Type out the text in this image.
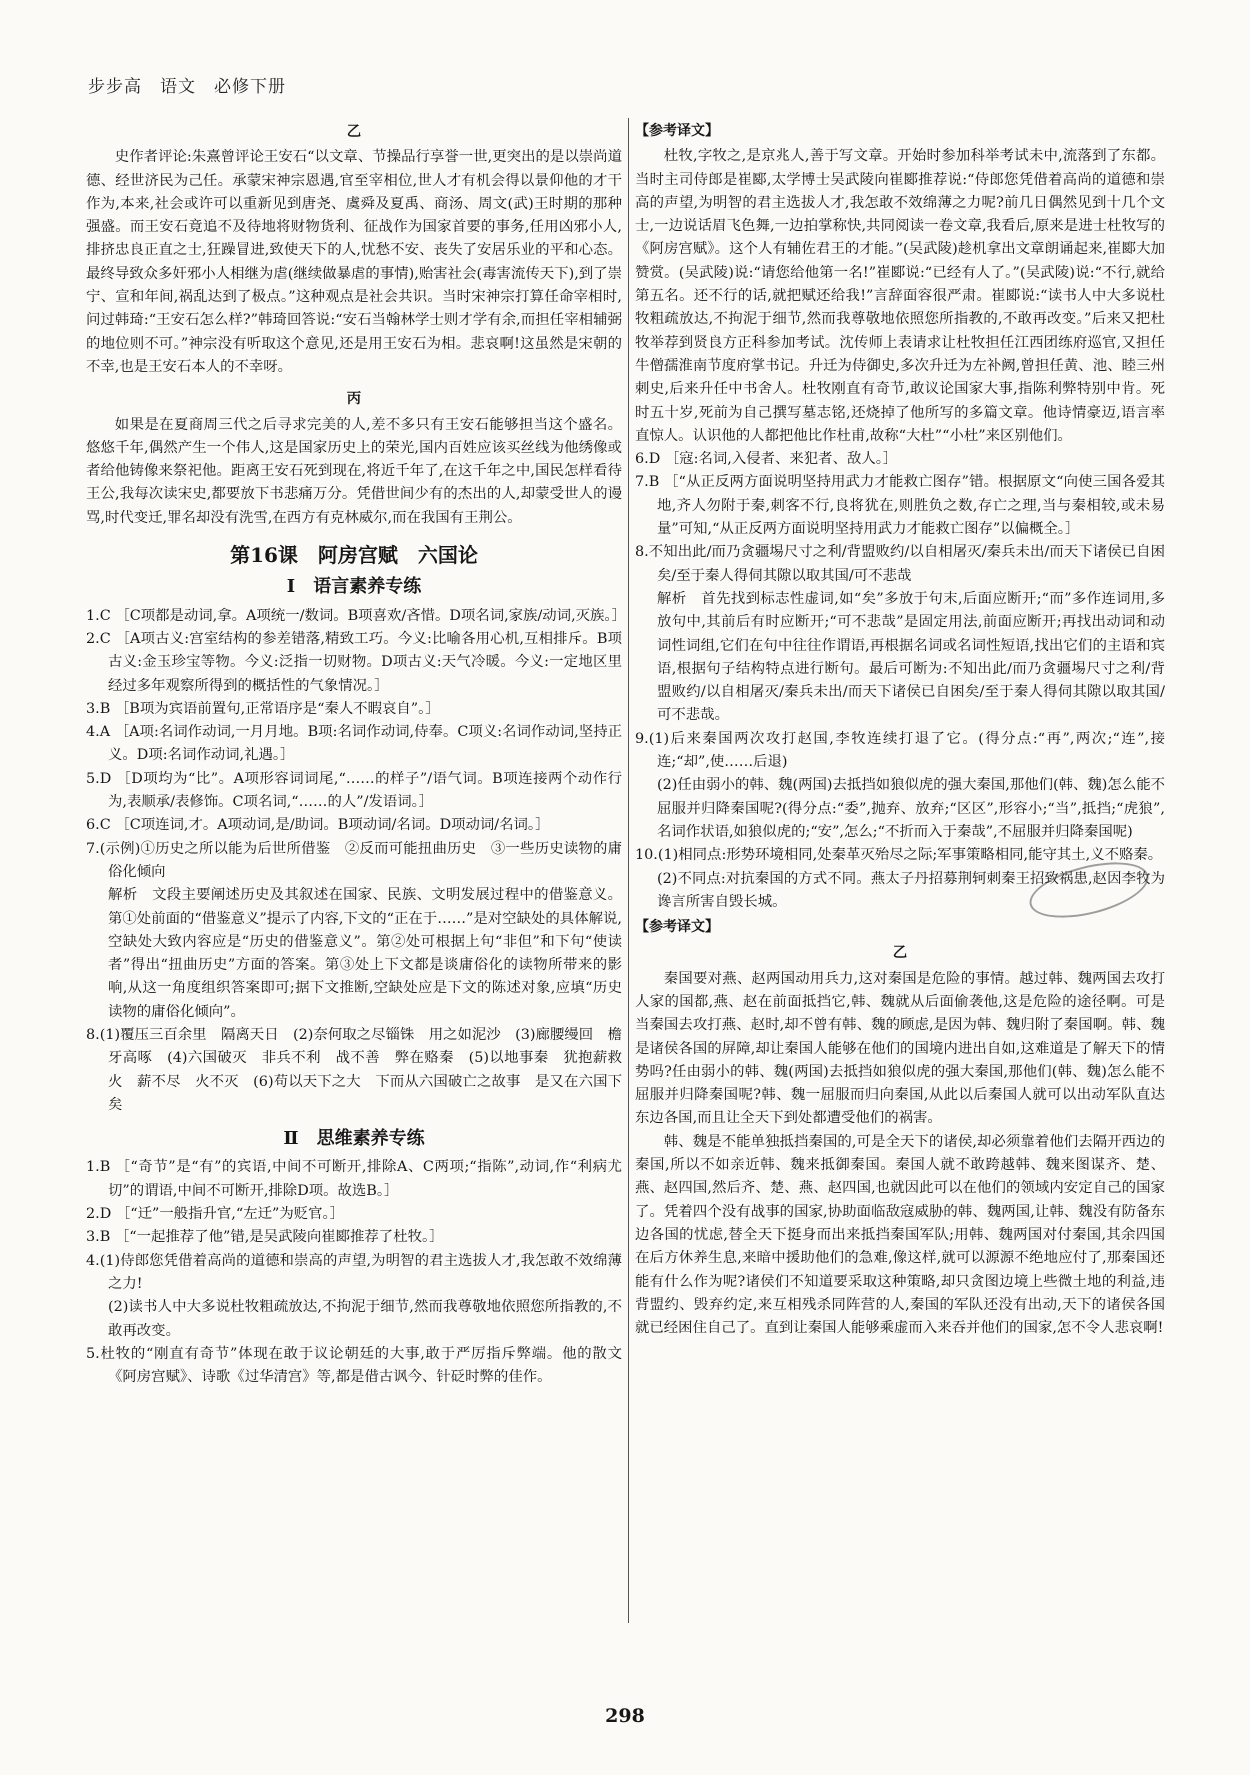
步步高　语文　必修下册

乙

史作者评论:朱熹曾评论王安石“以文章、节操品行享誉一世,更突出的是以崇尚道德、经世济民为己任。承蒙宋神宗恩遇,官至宰相位,世人才有机会得以景仰他的才干作为,本来,社会或许可以重新见到唐尧、虞舜及夏禹、商汤、周文(武)王时期的那种强盛。而王安石竟追不及待地将财物货利、征战作为国家首要的事务,任用凶邪小人,排挤忠良正直之士,狂躁冒进,致使天下的人,忧愁不安、丧失了安居乐业的平和心态。最终导致众多奸邪小人相继为虐(继续做暴虐的事情),贻害社会(毒害流传天下),到了崇宁、宣和年间,祸乱达到了极点。”这种观点是社会共识。当时宋神宗打算任命宰相时,问过韩琦:“王安石怎么样?”韩琦回答说:“安石当翰林学士则才学有余,而担任宰相辅弼的地位则不可。”神宗没有听取这个意见,还是用王安石为相。悲哀啊!这虽然是宋朝的不幸,也是王安石本人的不幸呀。

丙

如果是在夏商周三代之后寻求完美的人,差不多只有王安石能够担当这个盛名。悠悠千年,偶然产生一个伟人,这是国家历史上的荣光,国内百姓应该买丝线为他绣像或者给他铸像来祭祀他。距离王安石死到现在,将近千年了,在这千年之中,国民怎样看待王公,我每次读宋史,都要放下书悲痛万分。凭借世间少有的杰出的人,却蒙受世人的谩骂,时代变迁,罪名却没有洗雪,在西方有克林威尔,而在我国有王荆公。

第16课　阿房宫赋　六国论

Ⅰ　语言素养专练

1.C ［C项都是动词,拿。A项统一/数词。B项喜欢/吝惜。D项名词,家族/动词,灭族。］

2.C ［A项古义:宫室结构的参差错落,精致工巧。今义:比喻各用心机,互相排斥。B项古义:金玉珍宝等物。今义:泛指一切财物。D项古义:天气冷暖。今义:一定地区里经过多年观察所得到的概括性的气象情况。］

3.B ［B项为宾语前置句,正常语序是“秦人不暇哀自”。］

4.A ［A项:名词作动词,一月月地。B项:名词作动词,侍奉。C项义:名词作动词,坚持正义。D项:名词作动词,礼遇。］

5.D ［D项均为“比”。A项形容词词尾,“……的样子”/语气词。B项连接两个动作行为,表顺承/表修饰。C项名词,“……的人”/发语词。］

6.C ［C项连词,才。A项动词,是/助词。B项动词/名词。D项动词/名词。］

7.(示例)①历史之所以能为后世所借鉴　②反而可能扭曲历史　③一些历史读物的庸俗化倾向

解析　文段主要阐述历史及其叙述在国家、民族、文明发展过程中的借鉴意义。第①处前面的“借鉴意义”提示了内容,下文的“正在于……”是对空缺处的具体解说,空缺处大致内容应是“历史的借鉴意义”。第②处可根据上句“非但”和下句“使读者”得出“扭曲历史”方面的答案。第③处上下文都是谈庸俗化的读物所带来的影响,从这一角度组织答案即可;据下文推断,空缺处应是下文的陈述对象,应填“历史读物的庸俗化倾向”。

8.(1)覆压三百余里　隔离天日　(2)奈何取之尽锱铢　用之如泥沙　(3)廊腰缦回　檐牙高啄　(4)六国破灭　非兵不利　战不善　弊在赂秦　(5)以地事秦　犹抱薪救火　薪不尽　火不灭　(6)苟以天下之大　下而从六国破亡之故事　是又在六国下矣

Ⅱ　思维素养专练

1.B ［“奇节”是“有”的宾语,中间不可断开,排除A、C两项;“指陈”,动词,作“利病尤切”的谓语,中间不可断开,排除D项。故选B。］

2.D ［“迁”一般指升官,“左迁”为贬官。］

3.B ［“一起推荐了他”错,是吴武陵向崔郾推荐了杜牧。］

4.(1)侍郎您凭借着高尚的道德和崇高的声望,为明智的君主选拔人才,我怎敢不效绵薄之力!

(2)读书人中大多说杜牧粗疏放达,不拘泥于细节,然而我尊敬地依照您所指教的,不敢再改变。

5.杜牧的“刚直有奇节”体现在敢于议论朝廷的大事,敢于严厉指斥弊端。他的散文《阿房宫赋》、诗歌《过华清宫》等,都是借古讽今、针砭时弊的佳作。

【参考译文】

杜牧,字牧之,是京兆人,善于写文章。开始时参加科举考试未中,流落到了东都。当时主司侍郎是崔郾,太学博士吴武陵向崔郾推荐说:“侍郎您凭借着高尚的道德和崇高的声望,为明智的君主选拔人才,我怎敢不效绵薄之力呢?前几日偶然见到十几个文士,一边说话眉飞色舞,一边拍掌称快,共同阅读一卷文章,我看后,原来是进士杜牧写的《阿房宫赋》。这个人有辅佐君王的才能。”(吴武陵)趁机拿出文章朗诵起来,崔郾大加赞赏。(吴武陵)说:“请您给他第一名!”崔郾说:“已经有人了。”(吴武陵)说:“不行,就给第五名。还不行的话,就把赋还给我!”言辞面容很严肃。崔郾说:“读书人中大多说杜牧粗疏放达,不拘泥于细节,然而我尊敬地依照您所指教的,不敢再改变。”后来又把杜牧举荐到贤良方正科参加考试。沈传师上表请求让杜牧担任江西团练府巡官,又担任牛僧孺淮南节度府掌书记。升迁为侍御史,多次升迁为左补阙,曾担任黄、池、睦三州刺史,后来升任中书舍人。杜牧刚直有奇节,敢议论国家大事,指陈利弊特别中肯。死时五十岁,死前为自己撰写墓志铭,还烧掉了他所写的多篇文章。他诗情豪迈,语言率直惊人。认识他的人都把他比作杜甫,故称“大杜”“小杜”来区别他们。

6.D ［寇:名词,入侵者、来犯者、敌人。］

7.B ［“从正反两方面说明坚持用武力才能救亡图存”错。根据原文“向使三国各爱其地,齐人勿附于秦,刺客不行,良将犹在,则胜负之数,存亡之理,当与秦相较,或未易量”可知,“从正反两方面说明坚持用武力才能救亡图存”以偏概全。］

8.不知出此/而乃贪疆埸尺寸之利/背盟败约/以自相屠灭/秦兵未出/而天下诸侯已自困矣/至于秦人得伺其隙以取其国/可不悲哉

解析　首先找到标志性虚词,如“矣”多放于句末,后面应断开;“而”多作连词用,多放句中,其前后有时应断开;“可不悲哉”是固定用法,前面应断开;再找出动词和动词性词组,它们在句中往往作谓语,再根据名词或名词性短语,找出它们的主语和宾语,根据句子结构特点进行断句。最后可断为:不知出此/而乃贪疆埸尺寸之利/背盟败约/以自相屠灭/秦兵未出/而天下诸侯已自困矣/至于秦人得伺其隙以取其国/可不悲哉。

9.(1)后来秦国两次攻打赵国,李牧连续打退了它。(得分点:“再”,两次;“连”,接连;“却”,使……后退)

(2)任由弱小的韩、魏(两国)去抵挡如狼似虎的强大秦国,那他们(韩、魏)怎么能不屈服并归降秦国呢?(得分点:“委”,抛弃、放弃;“区区”,形容小;“当”,抵挡;“虎狼”,名词作状语,如狼似虎的;“安”,怎么;“不折而入于秦哉”,不屈服并归降秦国呢)

10.(1)相同点:形势环境相同,处秦革灭殆尽之际;军事策略相同,能守其土,义不赂秦。

(2)不同点:对抗秦国的方式不同。燕太子丹招募荆轲刺秦王招致祸患,赵因李牧为谗言所害自毁长城。

【参考译文】

乙

秦国要对燕、赵两国动用兵力,这对秦国是危险的事情。越过韩、魏两国去攻打人家的国都,燕、赵在前面抵挡它,韩、魏就从后面偷袭他,这是危险的途径啊。可是当秦国去攻打燕、赵时,却不曾有韩、魏的顾虑,是因为韩、魏归附了秦国啊。韩、魏是诸侯各国的屏障,却让秦国人能够在他们的国境内进出自如,这难道是了解天下的情势吗?任由弱小的韩、魏(两国)去抵挡如狼似虎的强大秦国,那他们(韩、魏)怎么能不屈服并归降秦国呢?韩、魏一屈服而归向秦国,从此以后秦国人就可以出动军队直达东边各国,而且让全天下到处都遭受他们的祸害。

韩、魏是不能单独抵挡秦国的,可是全天下的诸侯,却必须靠着他们去隔开西边的秦国,所以不如亲近韩、魏来抵御秦国。秦国人就不敢跨越韩、魏来图谋齐、楚、燕、赵四国,然后齐、楚、燕、赵四国,也就因此可以在他们的领域内安定自己的国家了。凭着四个没有战事的国家,协助面临敌寇威胁的韩、魏两国,让韩、魏没有防备东边各国的忧虑,替全天下挺身而出来抵挡秦国军队;用韩、魏两国对付秦国,其余四国在后方休养生息,来暗中援助他们的急难,像这样,就可以源源不绝地应付了,那秦国还能有什么作为呢?诸侯们不知道要采取这种策略,却只贪图边境上些微土地的利益,违背盟约、毁弃约定,来互相残杀同阵营的人,秦国的军队还没有出动,天下的诸侯各国就已经困住自己了。直到让秦国人能够乘虚而入来吞并他们的国家,怎不令人悲哀啊!

298
